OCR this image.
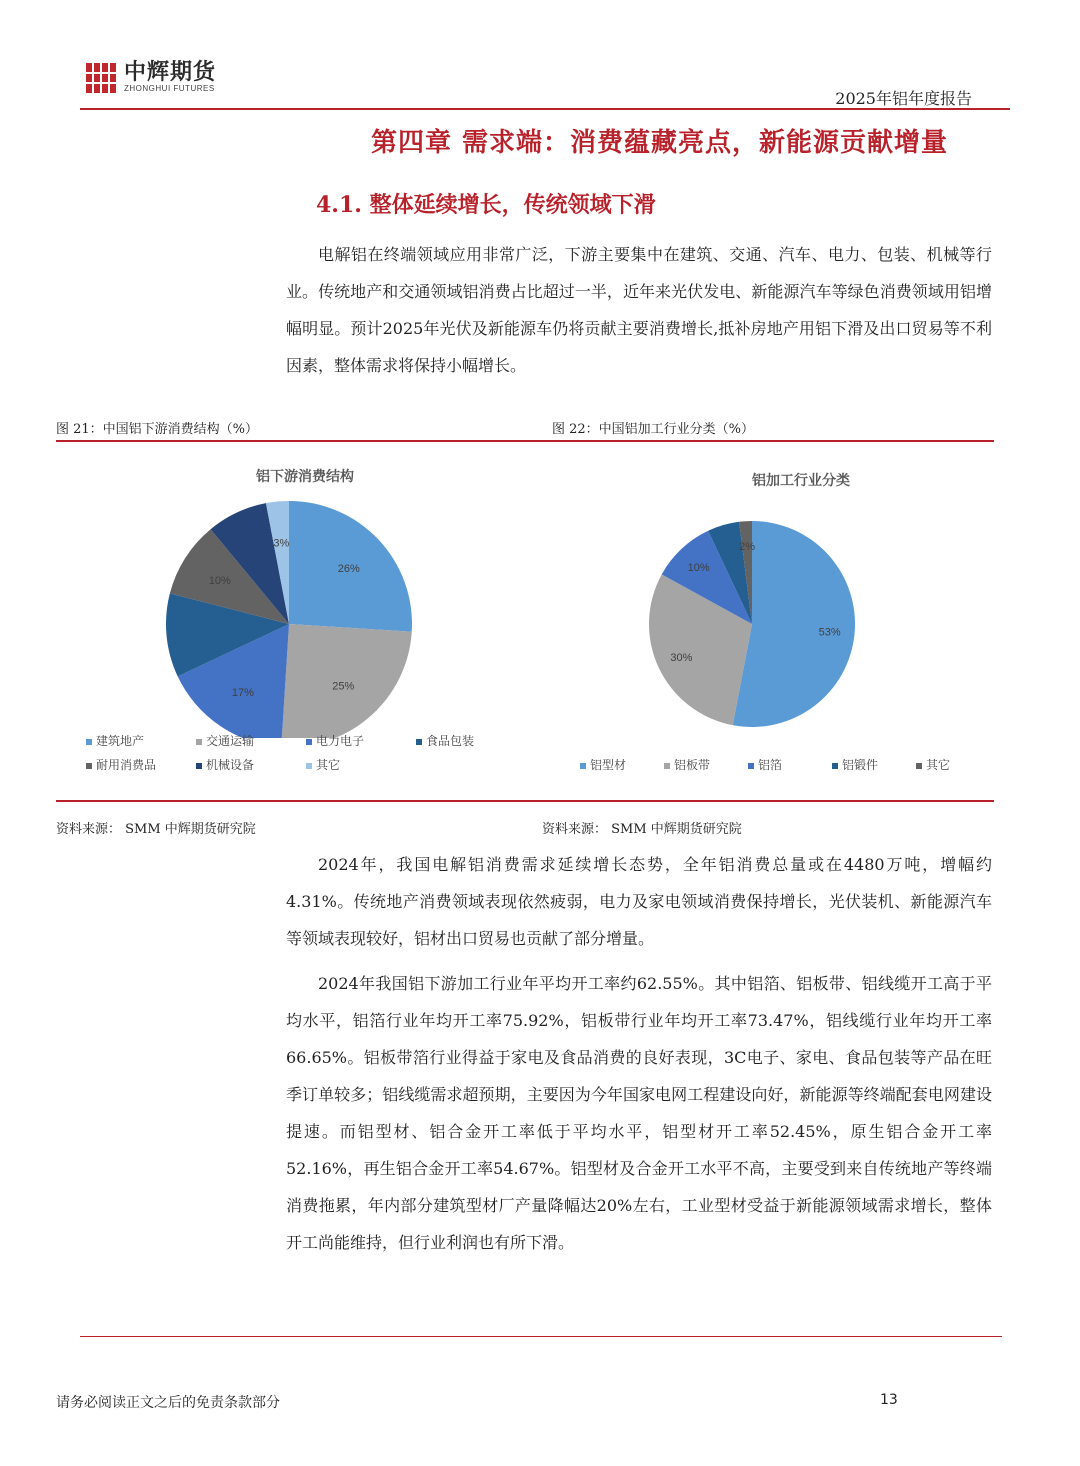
中辉期货
ZHONGHUI FUTURES
2025年铝年度报告
第四章 需求端：消费蕴藏亮点，新能源贡献增量
4.1. 整体延续增长，传统领域下滑

电解铝在终端领域应用非常广泛，下游主要集中在建筑、交通、汽车、电力、包装、机械等行业。传统地产和交通领域铝消费占比超过一半，近年来光伏发电、新能源汽车等绿色消费领域用铝增幅明显。预计2025年光伏及新能源车仍将贡献主要消费增长,抵补房地产用铝下滑及出口贸易等不利因素，整体需求将保持小幅增长。

图 21：中国铝下游消费结构（%）	图 22：中国铝加工行业分类（%）
铝下游消费结构
26%
25%
17%
10%
3%
建筑地产	交通运输	电力电子	食品包装
耐用消费品	机械设备	其它
铝加工行业分类
53%
30%
10%
2%
铝型材	铝板带	铝箔	铝锻件	其它
资料来源： SMM 中辉期货研究院	资料来源： SMM 中辉期货研究院

2024年，我国电解铝消费需求延续增长态势，全年铝消费总量或在4480万吨，增幅约4.31%。传统地产消费领域表现依然疲弱，电力及家电领域消费保持增长，光伏装机、新能源汽车等领域表现较好，铝材出口贸易也贡献了部分增量。

2024年我国铝下游加工行业年平均开工率约62.55%。其中铝箔、铝板带、铝线缆开工高于平均水平，铝箔行业年均开工率75.92%，铝板带行业年均开工率73.47%，铝线缆行业年均开工率66.65%。铝板带箔行业得益于家电及食品消费的良好表现，3C电子、家电、食品包装等产品在旺季订单较多；铝线缆需求超预期，主要因为今年国家电网工程建设向好，新能源等终端配套电网建设提速。而铝型材、铝合金开工率低于平均水平，铝型材开工率52.45%，原生铝合金开工率52.16%，再生铝合金开工率54.67%。铝型材及合金开工水平不高，主要受到来自传统地产等终端消费拖累，年内部分建筑型材厂产量降幅达20%左右，工业型材受益于新能源领域需求增长，整体开工尚能维持，但行业利润也有所下滑。

请务必阅读正文之后的免责条款部分	13
